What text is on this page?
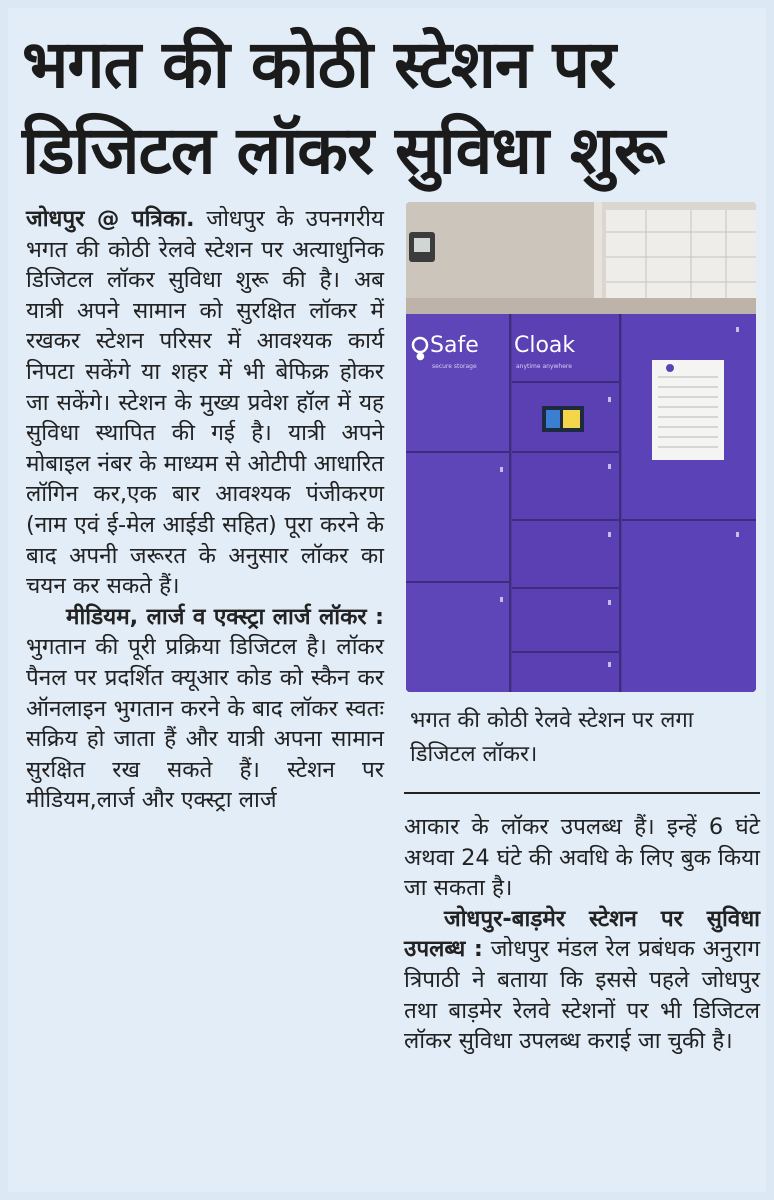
भगत की कोठी स्टेशन पर
डिजिटल लॉकर सुविधा शुरू

जोधपुर @ पत्रिका. जोधपुर के उपनगरीय भगत की कोठी रेलवे स्टेशन पर अत्याधुनिक डिजिटल लॉकर सुविधा शुरू की है। अब यात्री अपने सामान को सुरक्षित लॉकर में रखकर स्टेशन परिसर में आवश्यक कार्य निपटा सकेंगे या शहर में भी बेफिक्र होकर जा सकेंगे। स्टेशन के मुख्य प्रवेश हॉल में यह सुविधा स्थापित की गई है। यात्री अपने मोबाइल नंबर के माध्यम से ओटीपी आधारित लॉगिन कर,एक बार आवश्यक पंजीकरण (नाम एवं ई-मेल आईडी सहित) पूरा करने के बाद अपनी जरूरत के अनुसार लॉकर का चयन कर सकते हैं।

मीडियम, लार्ज व एक्स्ट्रा लार्ज लॉकर : भुगतान की पूरी प्रक्रिया डिजिटल है। लॉकर पैनल पर प्रदर्शित क्यूआर कोड को स्कैन कर ऑनलाइन भुगतान करने के बाद लॉकर स्वतः सक्रिय हो जाता हैं और यात्री अपना सामान सुरक्षित रख सकते हैं। स्टेशन पर मीडियम,लार्ज और एक्स्ट्रा लार्ज

● Safe Cloak
secure storage	anytime anywhere
भगत की कोठी रेलवे स्टेशन पर लगा डिजिटल लॉकर।

आकार के लॉकर उपलब्ध हैं। इन्हें 6 घंटे अथवा 24 घंटे की अवधि के लिए बुक किया जा सकता है।

जोधपुर-बाड़मेर स्टेशन पर सुविधा उपलब्ध : जोधपुर मंडल रेल प्रबंधक अनुराग त्रिपाठी ने बताया कि इससे पहले जोधपुर तथा बाड़मेर रेलवे स्टेशनों पर भी डिजिटल लॉकर सुविधा उपलब्ध कराई जा चुकी है।
